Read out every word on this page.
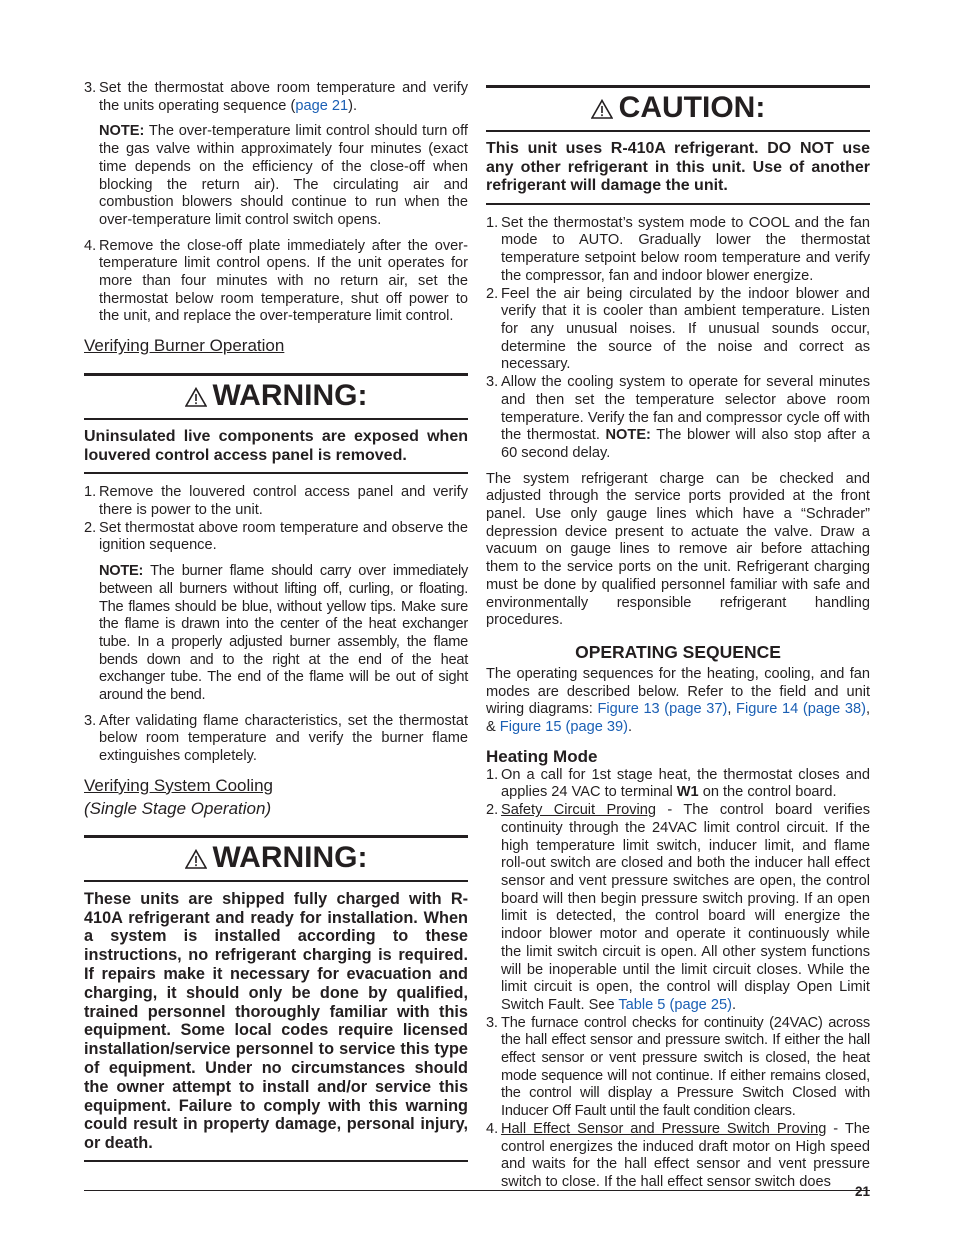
3. Set the thermostat above room temperature and verify the units operating sequence (page 21).

NOTE: The over-temperature limit control should turn off the gas valve within approximately four minutes (exact time depends on the efficiency of the close-off when blocking the return air). The circulating air and combustion blowers should continue to run when the over-temperature limit control switch opens.

4. Remove the close-off plate immediately after the over-temperature limit control opens. If the unit operates for more than four minutes with no return air, set the thermostat below room temperature, shut off power to the unit, and replace the over-temperature limit control.
Verifying Burner Operation
WARNING:
Uninsulated live components are exposed when louvered control access panel is removed.
1. Remove the louvered control access panel and verify there is power to the unit.
2. Set thermostat above room temperature and observe the ignition sequence.

NOTE: The burner flame should carry over immediately between all burners without lifting off, curling, or floating. The flames should be blue, without yellow tips. Make sure the flame is drawn into the center of the heat exchanger tube. In a properly adjusted burner assembly, the flame bends down and to the right at the end of the heat exchanger tube. The end of the flame will be out of sight around the bend.

3. After validating flame characteristics, set the thermostat below room temperature and verify the burner flame extinguishes completely.
Verifying System Cooling
(Single Stage Operation)
WARNING:
These units are shipped fully charged with R-410A refrigerant and ready for installation. When a system is installed according to these instructions, no refrigerant charging is required. If repairs make it necessary for evacuation and charging, it should only be done by qualified, trained personnel thoroughly familiar with this equipment. Some local codes require licensed installation/service personnel to service this type of equipment. Under no circumstances should the owner attempt to install and/or service this equipment. Failure to comply with this warning could result in property damage, personal injury, or death.
CAUTION:
This unit uses R-410A refrigerant. DO NOT use any other refrigerant in this unit. Use of another refrigerant will damage the unit.
1. Set the thermostat’s system mode to COOL and the fan mode to AUTO. Gradually lower the thermostat temperature setpoint below room temperature and verify the compressor, fan and indoor blower energize.
2. Feel the air being circulated by the indoor blower and verify that it is cooler than ambient temperature. Listen for any unusual noises. If unusual sounds occur, determine the source of the noise and correct as necessary.
3. Allow the cooling system to operate for several minutes and then set the temperature selector above room temperature. Verify the fan and compressor cycle off with the thermostat. NOTE: The blower will also stop after a 60 second delay.

The system refrigerant charge can be checked and adjusted through the service ports provided at the front panel. Use only gauge lines which have a “Schrader” depression device present to actuate the valve. Draw a vacuum on gauge lines to remove air before attaching them to the service ports on the unit. Refrigerant charging must be done by qualified personnel familiar with safe and environmentally responsible refrigerant handling procedures.

OPERATING SEQUENCE

The operating sequences for the heating, cooling, and fan modes are described below. Refer to the field and unit wiring diagrams: Figure 13 (page 37), Figure 14 (page 38), & Figure 15 (page 39).

Heating Mode
1. On a call for 1st stage heat, the thermostat closes and applies 24 VAC to terminal W1 on the control board.
2. Safety Circuit Proving - The control board verifies continuity through the 24VAC limit control circuit. If the high temperature limit switch, inducer limit, and flame roll-out switch are closed and both the inducer hall effect sensor and vent pressure switches are open, the control board will then begin pressure switch proving. If an open limit is detected, the control board will energize the indoor blower motor and operate it continuously while the limit switch circuit is open. All other system functions will be inoperable until the limit circuit closes. While the limit circuit is open, the control will display Open Limit Switch Fault. See Table 5 (page 25).
3. The furnace control checks for continuity (24VAC) across the hall effect sensor and pressure switch. If either the hall effect sensor or vent pressure switch is closed, the heat mode sequence will not continue. If either remains closed, the control will display a Pressure Switch Closed with Inducer Off Fault until the fault condition clears.
4. Hall Effect Sensor and Pressure Switch Proving - The control energizes the induced draft motor on High speed and waits for the hall effect sensor and vent pressure switch to close. If the hall effect sensor switch does
21
